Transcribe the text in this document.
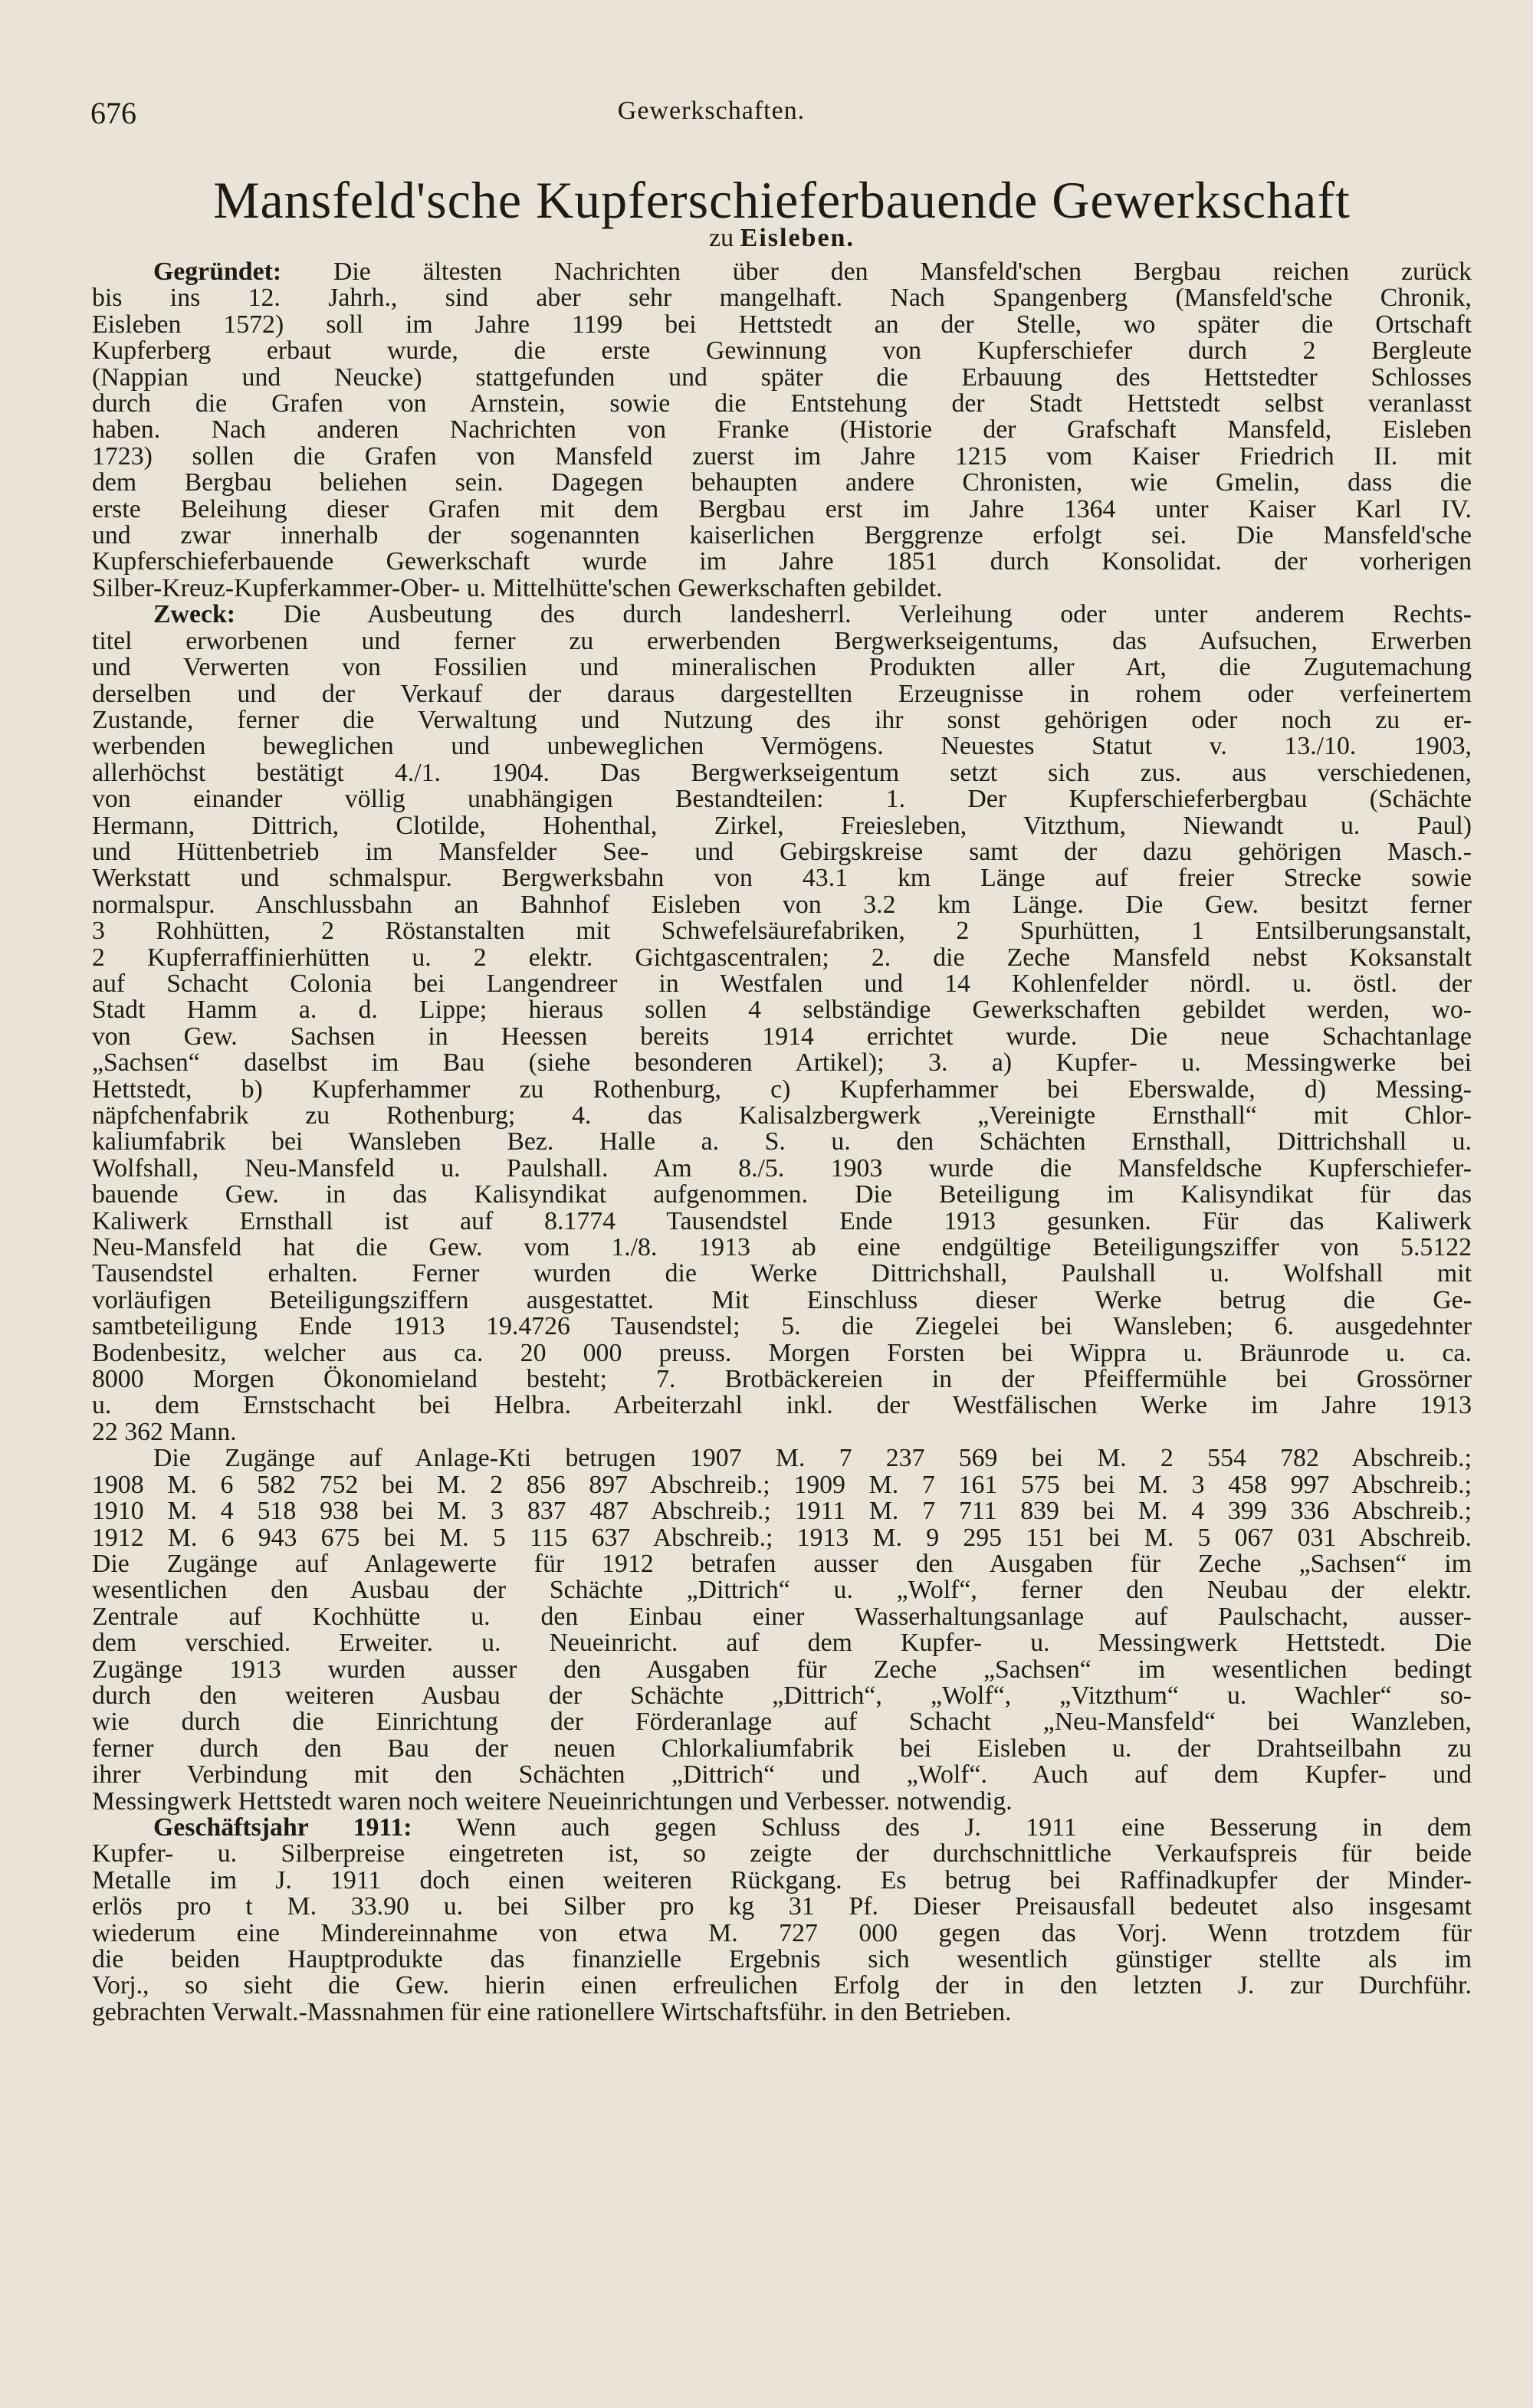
676	Gewerkschaften.
Mansfeld'sche Kupferschieferbauende Gewerkschaft
zu Eisleben.
Gegründet: Die ältesten Nachrichten über den Mansfeld'schen Bergbau reichen zurück
bis ins 12. Jahrh., sind aber sehr mangelhaft. Nach Spangenberg (Mansfeld'sche Chronik,
Eisleben 1572) soll im Jahre 1199 bei Hettstedt an der Stelle, wo später die Ortschaft
Kupferberg erbaut wurde, die erste Gewinnung von Kupferschiefer durch 2 Bergleute
(Nappian und Neucke) stattgefunden und später die Erbauung des Hettstedter Schlosses
durch die Grafen von Arnstein, sowie die Entstehung der Stadt Hettstedt selbst veranlasst
haben. Nach anderen Nachrichten von Franke (Historie der Grafschaft Mansfeld, Eisleben
1723) sollen die Grafen von Mansfeld zuerst im Jahre 1215 vom Kaiser Friedrich II. mit
dem Bergbau beliehen sein. Dagegen behaupten andere Chronisten, wie Gmelin, dass die
erste Beleihung dieser Grafen mit dem Bergbau erst im Jahre 1364 unter Kaiser Karl IV.
und zwar innerhalb der sogenannten kaiserlichen Berggrenze erfolgt sei. Die Mansfeld'sche
Kupferschieferbauende Gewerkschaft wurde im Jahre 1851 durch Konsolidat. der vorherigen
Silber-Kreuz-Kupferkammer-Ober- u. Mittelhütte'schen Gewerkschaften gebildet.
Zweck: Die Ausbeutung des durch landesherrl. Verleihung oder unter anderem Rechts-
titel erworbenen und ferner zu erwerbenden Bergwerkseigentums, das Aufsuchen, Erwerben
und Verwerten von Fossilien und mineralischen Produkten aller Art, die Zugutemachung
derselben und der Verkauf der daraus dargestellten Erzeugnisse in rohem oder verfeinertem
Zustande, ferner die Verwaltung und Nutzung des ihr sonst gehörigen oder noch zu er-
werbenden beweglichen und unbeweglichen Vermögens. Neuestes Statut v. 13./10. 1903,
allerhöchst bestätigt 4./1. 1904. Das Bergwerkseigentum setzt sich zus. aus verschiedenen,
von einander völlig unabhängigen Bestandteilen: 1. Der Kupferschieferbergbau (Schächte
Hermann, Dittrich, Clotilde, Hohenthal, Zirkel, Freiesleben, Vitzthum, Niewandt u. Paul)
und Hüttenbetrieb im Mansfelder See- und Gebirgskreise samt der dazu gehörigen Masch.-
Werkstatt und schmalspur. Bergwerksbahn von 43.1 km Länge auf freier Strecke sowie
normalspur. Anschlussbahn an Bahnhof Eisleben von 3.2 km Länge. Die Gew. besitzt ferner
3 Rohhütten, 2 Röstanstalten mit Schwefelsäurefabriken, 2 Spurhütten, 1 Entsilberungsanstalt,
2 Kupferraffinierhütten u. 2 elektr. Gichtgascentralen; 2. die Zeche Mansfeld nebst Koksanstalt
auf Schacht Colonia bei Langendreer in Westfalen und 14 Kohlenfelder nördl. u. östl. der
Stadt Hamm a. d. Lippe; hieraus sollen 4 selbständige Gewerkschaften gebildet werden, wo-
von Gew. Sachsen in Heessen bereits 1914 errichtet wurde. Die neue Schachtanlage
„Sachsen“ daselbst im Bau (siehe besonderen Artikel); 3. a) Kupfer- u. Messingwerke bei
Hettstedt, b) Kupferhammer zu Rothenburg, c) Kupferhammer bei Eberswalde, d) Messing-
näpfchenfabrik zu Rothenburg; 4. das Kalisalzbergwerk „Vereinigte Ernsthall“ mit Chlor-
kaliumfabrik bei Wansleben Bez. Halle a. S. u. den Schächten Ernsthall, Dittrichshall u.
Wolfshall, Neu-Mansfeld u. Paulshall. Am 8./5. 1903 wurde die Mansfeldsche Kupferschiefer-
bauende Gew. in das Kalisyndikat aufgenommen. Die Beteiligung im Kalisyndikat für das
Kaliwerk Ernsthall ist auf 8.1774 Tausendstel Ende 1913 gesunken. Für das Kaliwerk
Neu-Mansfeld hat die Gew. vom 1./8. 1913 ab eine endgültige Beteiligungsziffer von 5.5122
Tausendstel erhalten. Ferner wurden die Werke Dittrichshall, Paulshall u. Wolfshall mit
vorläufigen Beteiligungsziffern ausgestattet. Mit Einschluss dieser Werke betrug die Ge-
samtbeteiligung Ende 1913 19.4726 Tausendstel; 5. die Ziegelei bei Wansleben; 6. ausgedehnter
Bodenbesitz, welcher aus ca. 20 000 preuss. Morgen Forsten bei Wippra u. Bräunrode u. ca.
8000 Morgen Ökonomieland besteht; 7. Brotbäckereien in der Pfeiffermühle bei Grossörner
u. dem Ernstschacht bei Helbra. Arbeiterzahl inkl. der Westfälischen Werke im Jahre 1913
22 362 Mann.
Die Zugänge auf Anlage-Kti betrugen 1907 M. 7 237 569 bei M. 2 554 782 Abschreib.;
1908 M. 6 582 752 bei M. 2 856 897 Abschreib.; 1909 M. 7 161 575 bei M. 3 458 997 Abschreib.;
1910 M. 4 518 938 bei M. 3 837 487 Abschreib.; 1911 M. 7 711 839 bei M. 4 399 336 Abschreib.;
1912 M. 6 943 675 bei M. 5 115 637 Abschreib.; 1913 M. 9 295 151 bei M. 5 067 031 Abschreib.
Die Zugänge auf Anlagewerte für 1912 betrafen ausser den Ausgaben für Zeche „Sachsen“ im
wesentlichen den Ausbau der Schächte „Dittrich“ u. „Wolf“, ferner den Neubau der elektr.
Zentrale auf Kochhütte u. den Einbau einer Wasserhaltungsanlage auf Paulschacht, ausser-
dem verschied. Erweiter. u. Neueinricht. auf dem Kupfer- u. Messingwerk Hettstedt. Die
Zugänge 1913 wurden ausser den Ausgaben für Zeche „Sachsen“ im wesentlichen bedingt
durch den weiteren Ausbau der Schächte „Dittrich“, „Wolf“, „Vitzthum“ u. Wachler“ so-
wie durch die Einrichtung der Förderanlage auf Schacht „Neu-Mansfeld“ bei Wanzleben,
ferner durch den Bau der neuen Chlorkaliumfabrik bei Eisleben u. der Drahtseilbahn zu
ihrer Verbindung mit den Schächten „Dittrich“ und „Wolf“. Auch auf dem Kupfer- und
Messingwerk Hettstedt waren noch weitere Neueinrichtungen und Verbesser. notwendig.
Geschäftsjahr 1911: Wenn auch gegen Schluss des J. 1911 eine Besserung in dem
Kupfer- u. Silberpreise eingetreten ist, so zeigte der durchschnittliche Verkaufspreis für beide
Metalle im J. 1911 doch einen weiteren Rückgang. Es betrug bei Raffinadkupfer der Minder-
erlös pro t M. 33.90 u. bei Silber pro kg 31 Pf. Dieser Preisausfall bedeutet also insgesamt
wiederum eine Mindereinnahme von etwa M. 727 000 gegen das Vorj. Wenn trotzdem für
die beiden Hauptprodukte das finanzielle Ergebnis sich wesentlich günstiger stellte als im
Vorj., so sieht die Gew. hierin einen erfreulichen Erfolg der in den letzten J. zur Durchführ.
gebrachten Verwalt.-Massnahmen für eine rationellere Wirtschaftsführ. in den Betrieben.
